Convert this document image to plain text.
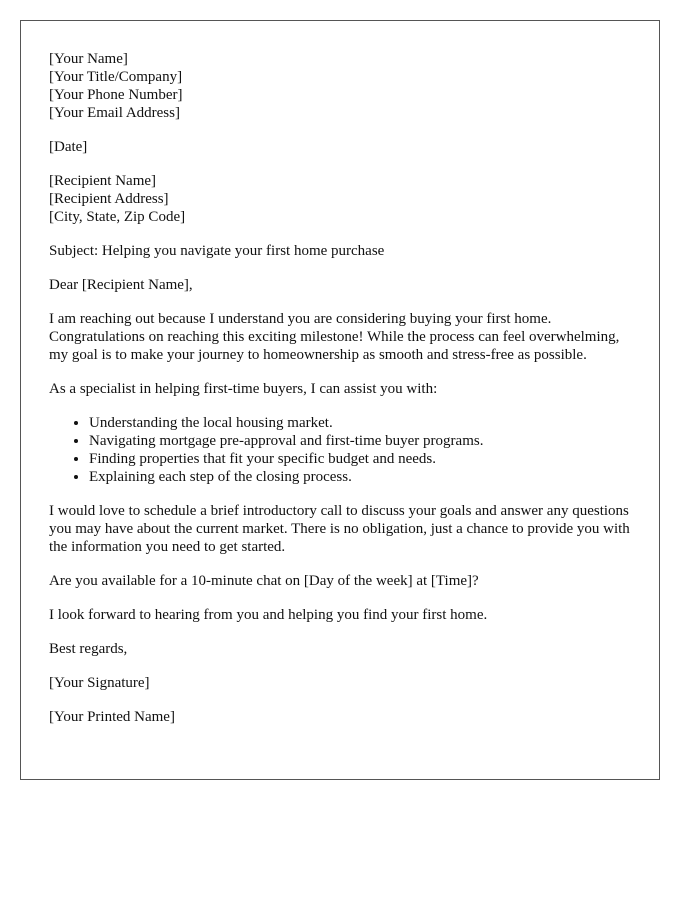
[Your Name]
[Your Title/Company]
[Your Phone Number]
[Your Email Address]
[Date]
[Recipient Name]
[Recipient Address]
[City, State, Zip Code]

Subject: Helping you navigate your first home purchase

Dear [Recipient Name],

I am reaching out because I understand you are considering buying your first home. Congratulations on reaching this exciting milestone! While the process can feel overwhelming, my goal is to make your journey to homeownership as smooth and stress-free as possible.

As a specialist in helping first-time buyers, I can assist you with:

• Understanding the local housing market.
• Navigating mortgage pre-approval and first-time buyer programs.
• Finding properties that fit your specific budget and needs.
• Explaining each step of the closing process.

I would love to schedule a brief introductory call to discuss your goals and answer any questions you may have about the current market. There is no obligation, just a chance to provide you with the information you need to get started.

Are you available for a 10-minute chat on [Day of the week] at [Time]?

I look forward to hearing from you and helping you find your first home.

Best regards,

[Your Signature]

[Your Printed Name]
